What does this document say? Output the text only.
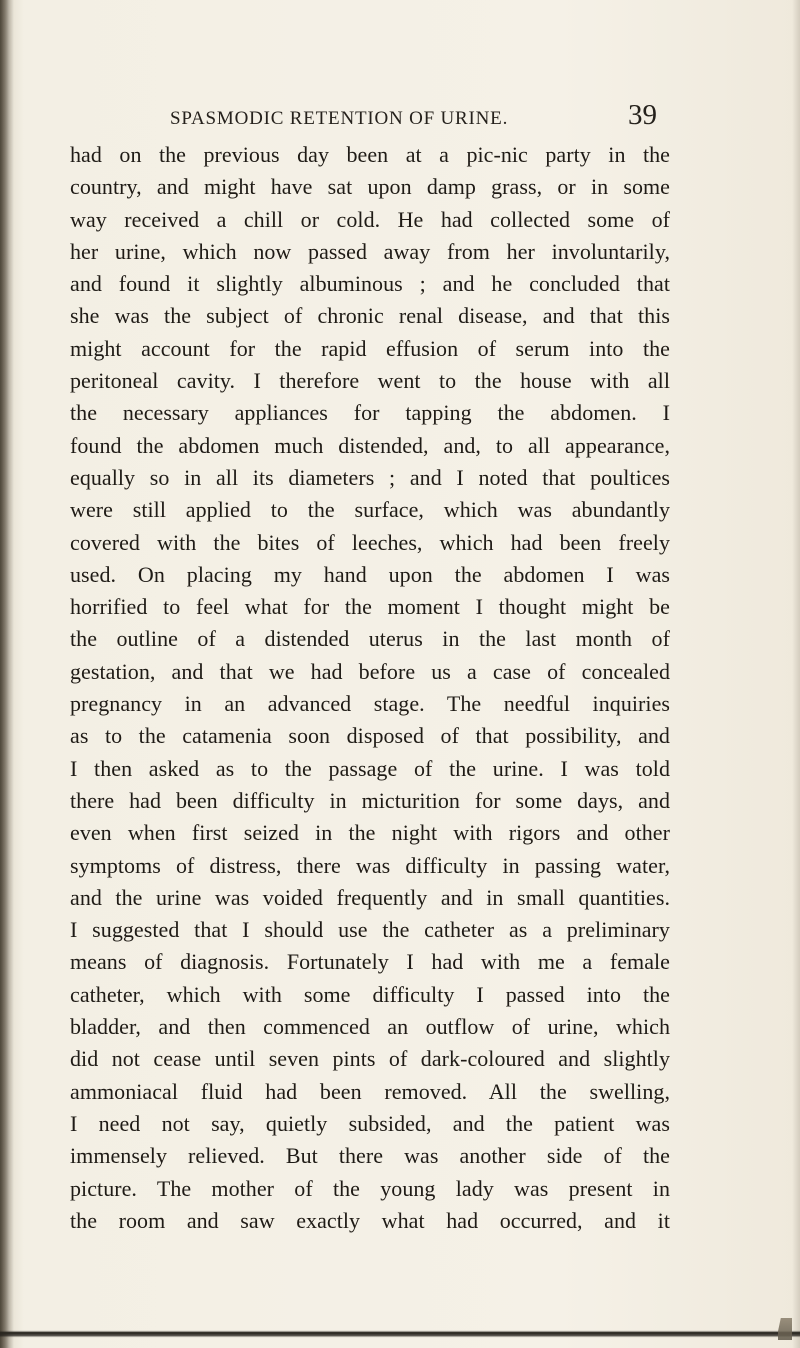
SPASMODIC RETENTION OF URINE.	39
had on the previous day been at a pic-nic party in the
country, and might have sat upon damp grass, or in some
way received a chill or cold. He had collected some of
her urine, which now passed away from her involuntarily,
and found it slightly albuminous ; and he concluded that
she was the subject of chronic renal disease, and that this
might account for the rapid effusion of serum into the
peritoneal cavity. I therefore went to the house with all
the necessary appliances for tapping the abdomen. I
found the abdomen much distended, and, to all appearance,
equally so in all its diameters ; and I noted that poultices
were still applied to the surface, which was abundantly
covered with the bites of leeches, which had been freely
used. On placing my hand upon the abdomen I was
horrified to feel what for the moment I thought might be
the outline of a distended uterus in the last month of
gestation, and that we had before us a case of concealed
pregnancy in an advanced stage. The needful inquiries
as to the catamenia soon disposed of that possibility, and
I then asked as to the passage of the urine. I was told
there had been difficulty in micturition for some days, and
even when first seized in the night with rigors and other
symptoms of distress, there was difficulty in passing water,
and the urine was voided frequently and in small quantities.
I suggested that I should use the catheter as a preliminary
means of diagnosis. Fortunately I had with me a female
catheter, which with some difficulty I passed into the
bladder, and then commenced an outflow of urine, which
did not cease until seven pints of dark-coloured and slightly
ammoniacal fluid had been removed. All the swelling,
I need not say, quietly subsided, and the patient was
immensely relieved. But there was another side of the
picture. The mother of the young lady was present in
the room and saw exactly what had occurred, and it
